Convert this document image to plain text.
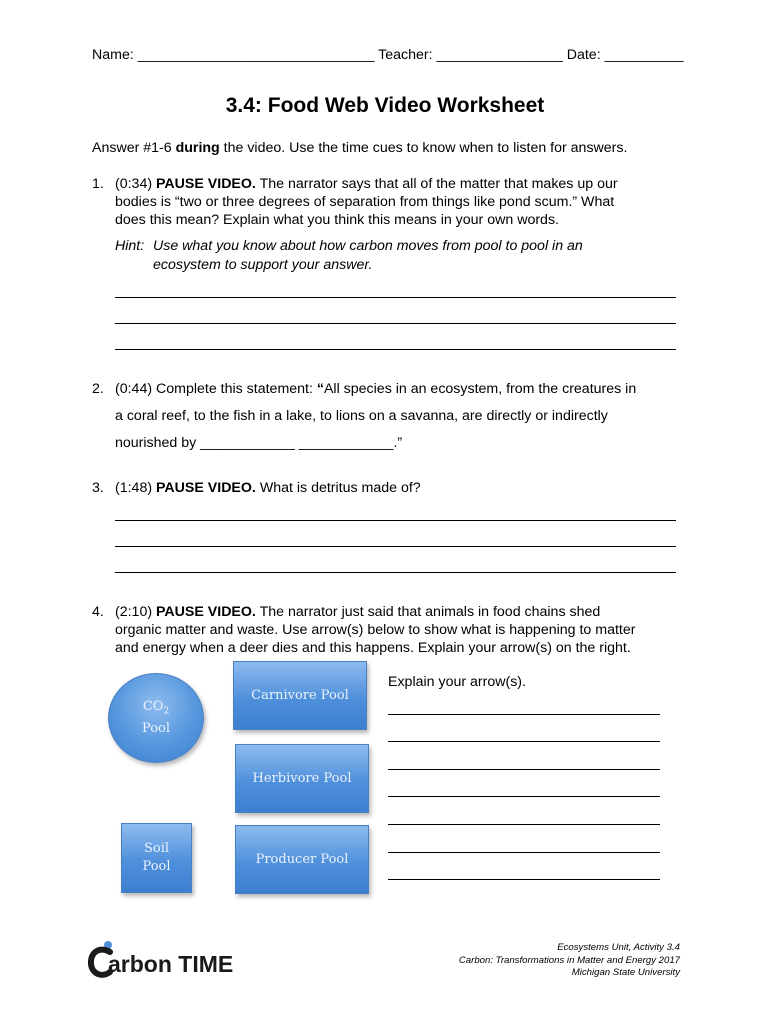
Name: ______________________________ Teacher: ________________ Date: __________
3.4: Food Web Video Worksheet
Answer #1-6 during the video. Use the time cues to know when to listen for answers.
1. (0:34) PAUSE VIDEO. The narrator says that all of the matter that makes up our
bodies is “two or three degrees of separation from things like pond scum.” What
does this mean? Explain what you think this means in your own words.
Hint: Use what you know about how carbon moves from pool to pool in an
ecosystem to support your answer.
2. (0:44) Complete this statement: “All species in an ecosystem, from the creatures in
a coral reef, to the fish in a lake, to lions on a savanna, are directly or indirectly
nourished by ____________ ____________.”
3. (1:48) PAUSE VIDEO. What is detritus made of?
4. (2:10) PAUSE VIDEO. The narrator just said that animals in food chains shed
organic matter and waste. Use arrow(s) below to show what is happening to matter
and energy when a deer dies and this happens. Explain your arrow(s) on the right.
$CO_2$
Pool
Carnivore Pool
Herbivore Pool
Soil
Pool	Producer Pool
Explain your arrow(s).
arbon TIME
Ecosystems Unit, Activity 3.4
Carbon: Transformations in Matter and Energy 2017
Michigan State University
